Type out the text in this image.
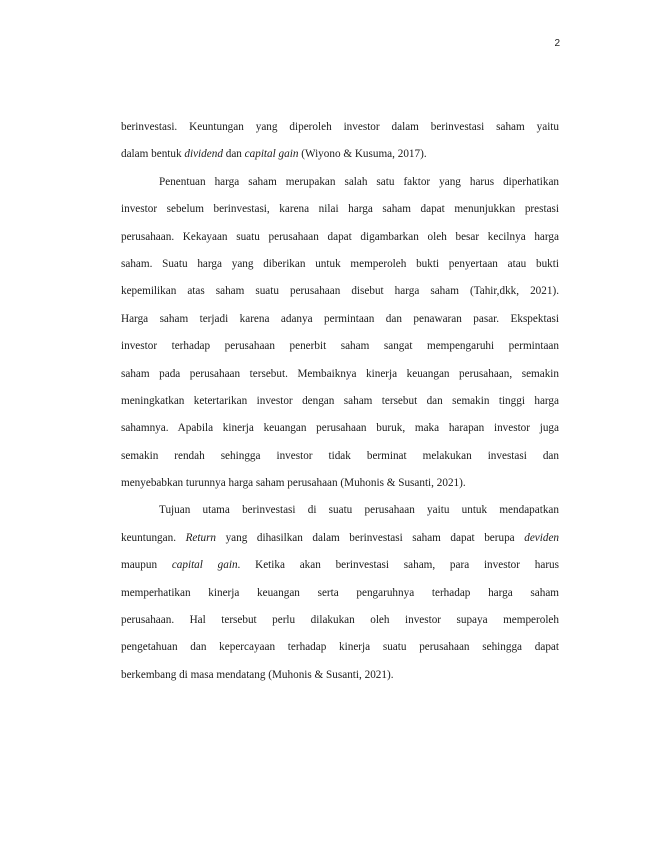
2
berinvestasi. Keuntungan yang diperoleh investor dalam berinvestasi saham yaitu
dalam bentuk dividend dan capital gain (Wiyono & Kusuma, 2017).
Penentuan harga saham merupakan salah satu faktor yang harus diperhatikan
investor sebelum berinvestasi, karena nilai harga saham dapat menunjukkan prestasi
perusahaan. Kekayaan suatu perusahaan dapat digambarkan oleh besar kecilnya harga
saham. Suatu harga yang diberikan untuk memperoleh bukti penyertaan atau bukti
kepemilikan atas saham suatu perusahaan disebut harga saham (Tahir,dkk, 2021).
Harga saham terjadi karena adanya permintaan dan penawaran pasar. Ekspektasi
investor terhadap perusahaan penerbit saham sangat mempengaruhi permintaan
saham pada perusahaan tersebut. Membaiknya kinerja keuangan perusahaan, semakin
meningkatkan ketertarikan investor dengan saham tersebut dan semakin tinggi harga
sahamnya. Apabila kinerja keuangan perusahaan buruk, maka harapan investor juga
semakin rendah sehingga investor tidak berminat melakukan investasi dan
menyebabkan turunnya harga saham perusahaan (Muhonis & Susanti, 2021).
Tujuan utama berinvestasi di suatu perusahaan yaitu untuk mendapatkan
keuntungan. Return yang dihasilkan dalam berinvestasi saham dapat berupa deviden
maupun capital gain. Ketika akan berinvestasi saham, para investor harus
memperhatikan kinerja keuangan serta pengaruhnya terhadap harga saham
perusahaan. Hal tersebut perlu dilakukan oleh investor supaya memperoleh
pengetahuan dan kepercayaan terhadap kinerja suatu perusahaan sehingga dapat
berkembang di masa mendatang (Muhonis & Susanti, 2021).
